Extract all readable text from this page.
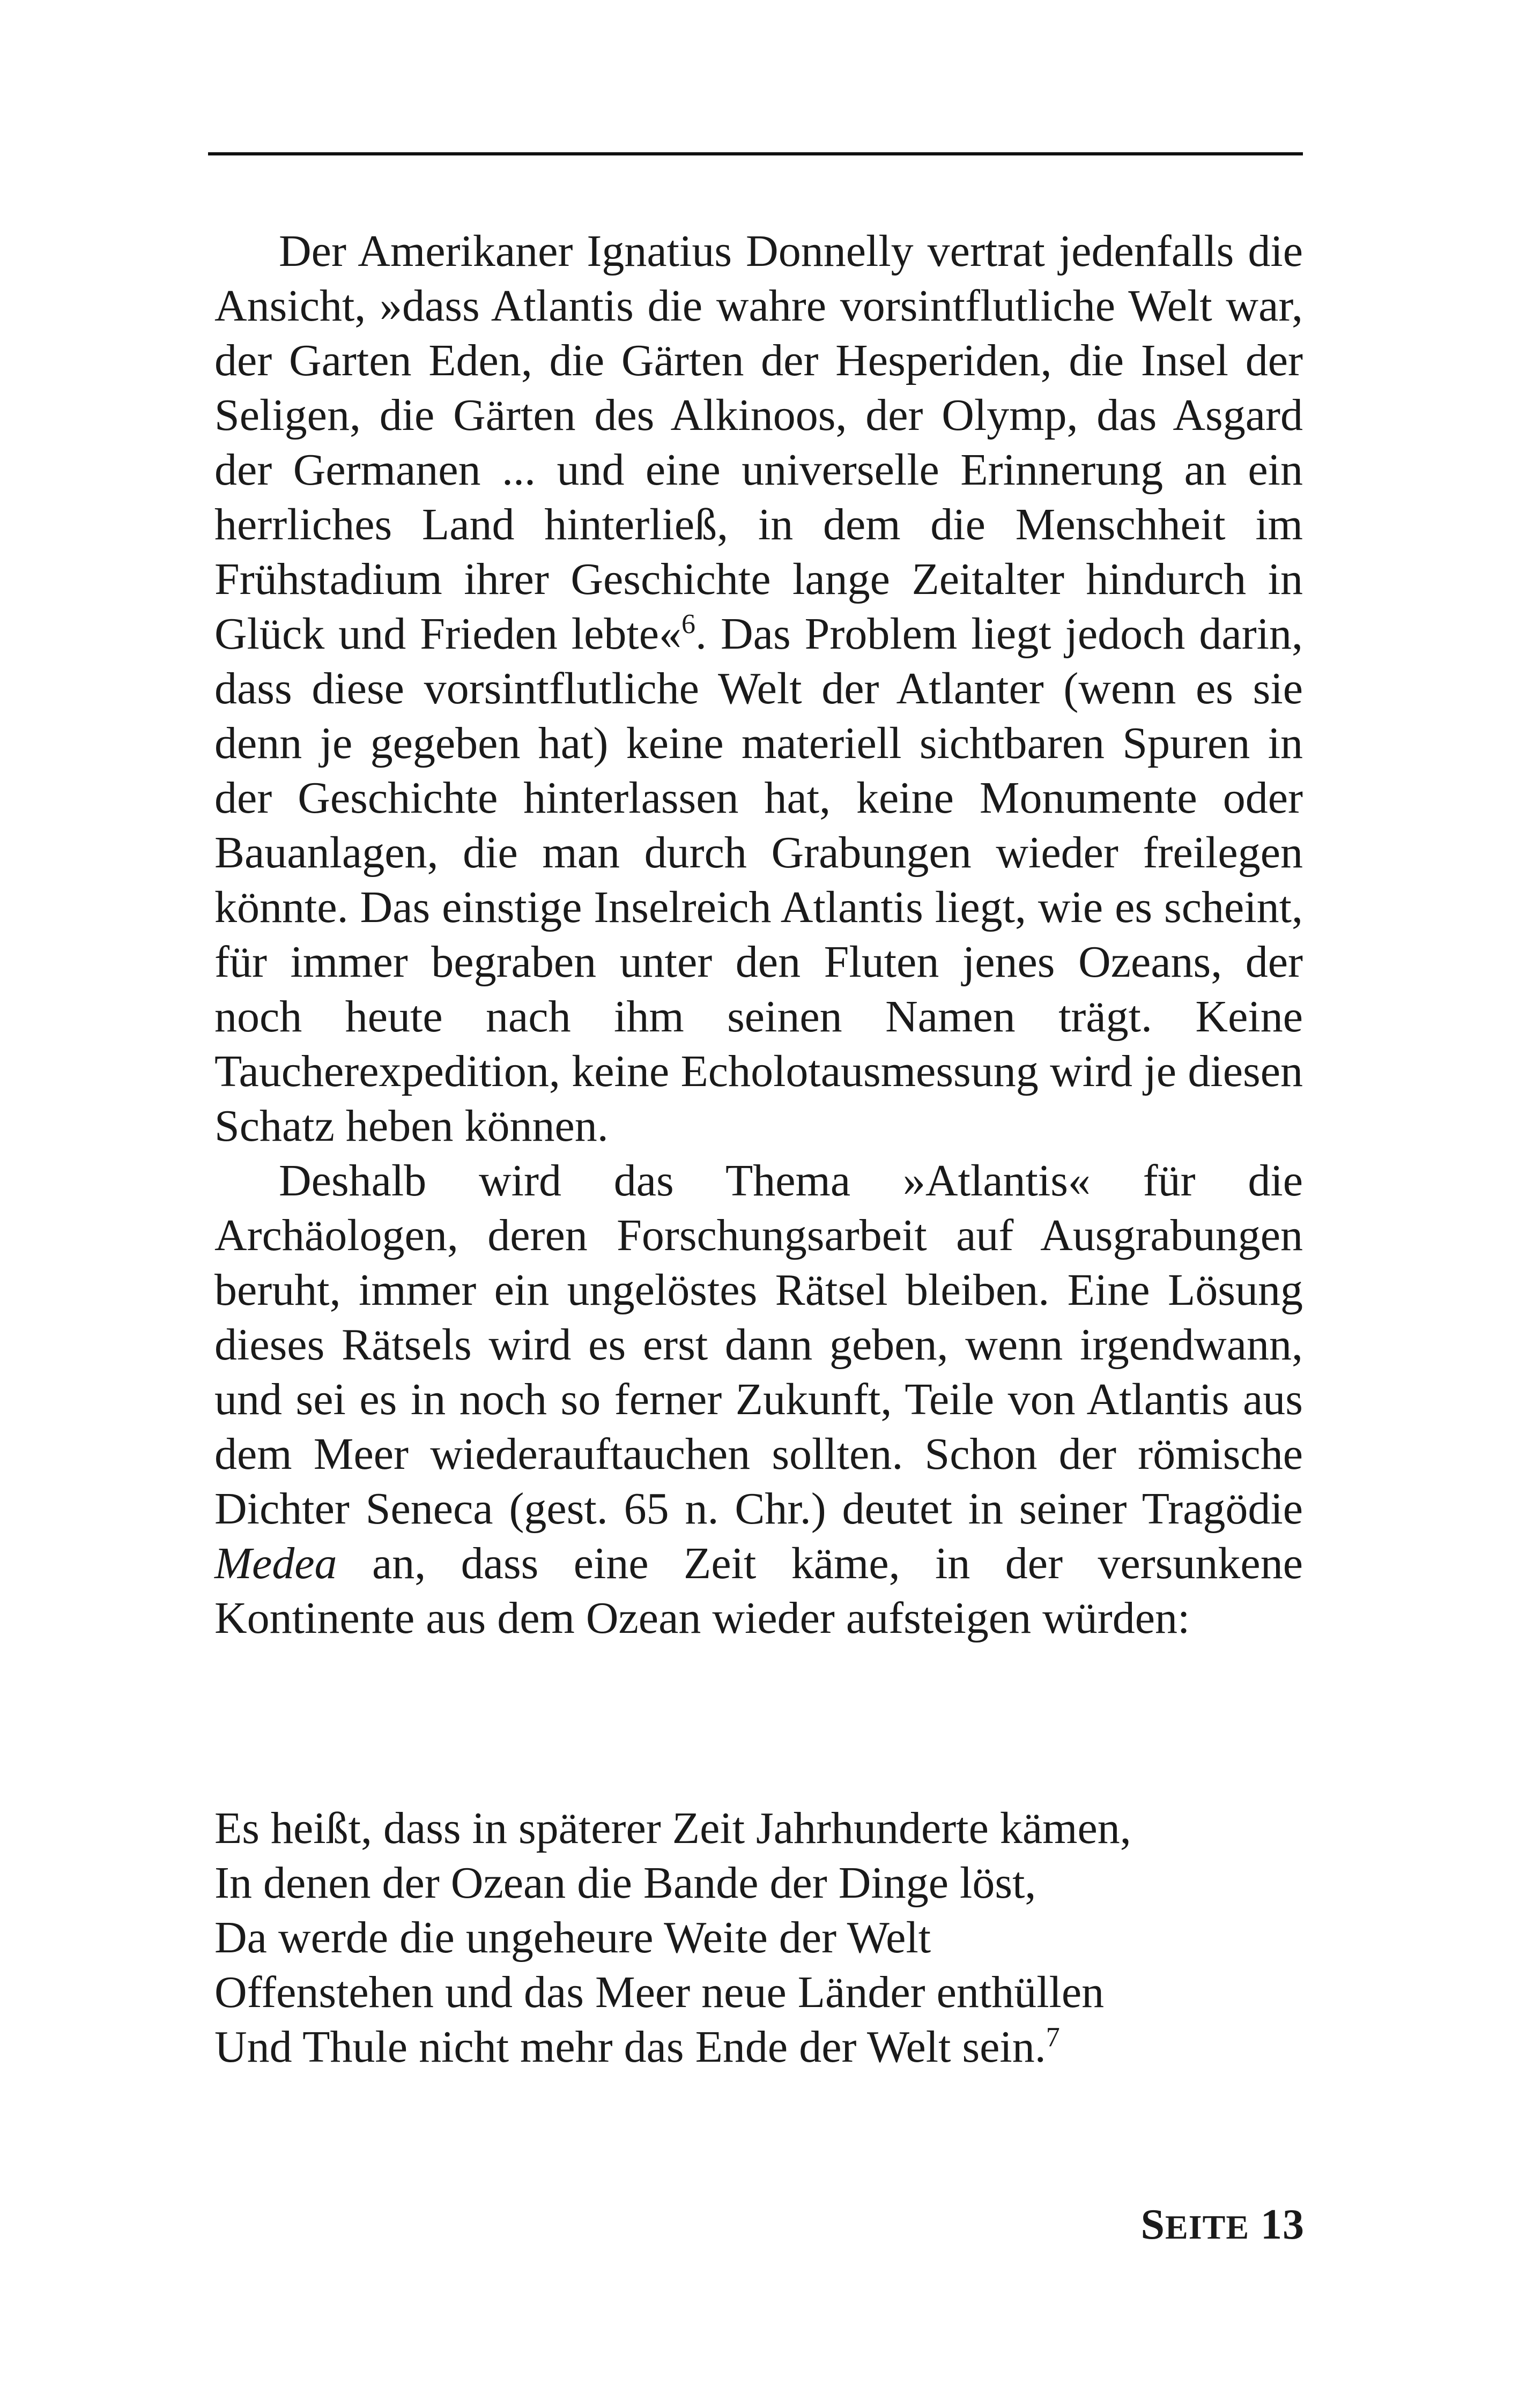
Der Amerikaner Ignatius Donnelly vertrat jedenfalls die Ansicht, »dass Atlantis die wahre vorsintflutliche Welt war, der Garten Eden, die Gärten der Hesperiden, die Insel der Seligen, die Gärten des Alkinoos, der Olymp, das Asgard der Germanen ... und eine universelle Erinnerung an ein herrliches Land hinterließ, in dem die Menschheit im Frühstadium ihrer Geschichte lange Zeitalter hindurch in Glück und Frieden lebte«$^6$. Das Problem liegt jedoch darin, dass diese vorsintflutliche Welt der Atlanter (wenn es sie denn je gegeben hat) keine materiell sichtbaren Spuren in der Geschichte hinterlassen hat, keine Monumente oder Bauanlagen, die man durch Grabungen wieder freilegen könnte. Das einstige Inselreich Atlantis liegt, wie es scheint, für immer begraben unter den Fluten jenes Ozeans, der noch heute nach ihm seinen Namen trägt. Keine Taucherexpedition, keine Echolotausmessung wird je diesen Schatz heben können.

Deshalb wird das Thema »Atlantis« für die Archäologen, deren Forschungsarbeit auf Ausgrabungen beruht, immer ein ungelöstes Rätsel bleiben. Eine Lösung dieses Rätsels wird es erst dann geben, wenn irgendwann, und sei es in noch so ferner Zukunft, Teile von Atlantis aus dem Meer wiederauftauchen sollten. Schon der römische Dichter Seneca (gest. 65 n. Chr.) deutet in seiner Tragödie Medea an, dass eine Zeit käme, in der versunkene Kontinente aus dem Ozean wieder aufsteigen würden:

Es heißt, dass in späterer Zeit Jahrhunderte kämen,
In denen der Ozean die Bande der Dinge löst,
Da werde die ungeheure Weite der Welt
Offenstehen und das Meer neue Länder enthüllen
Und Thule nicht mehr das Ende der Welt sein.$^7$
SEITE 13
